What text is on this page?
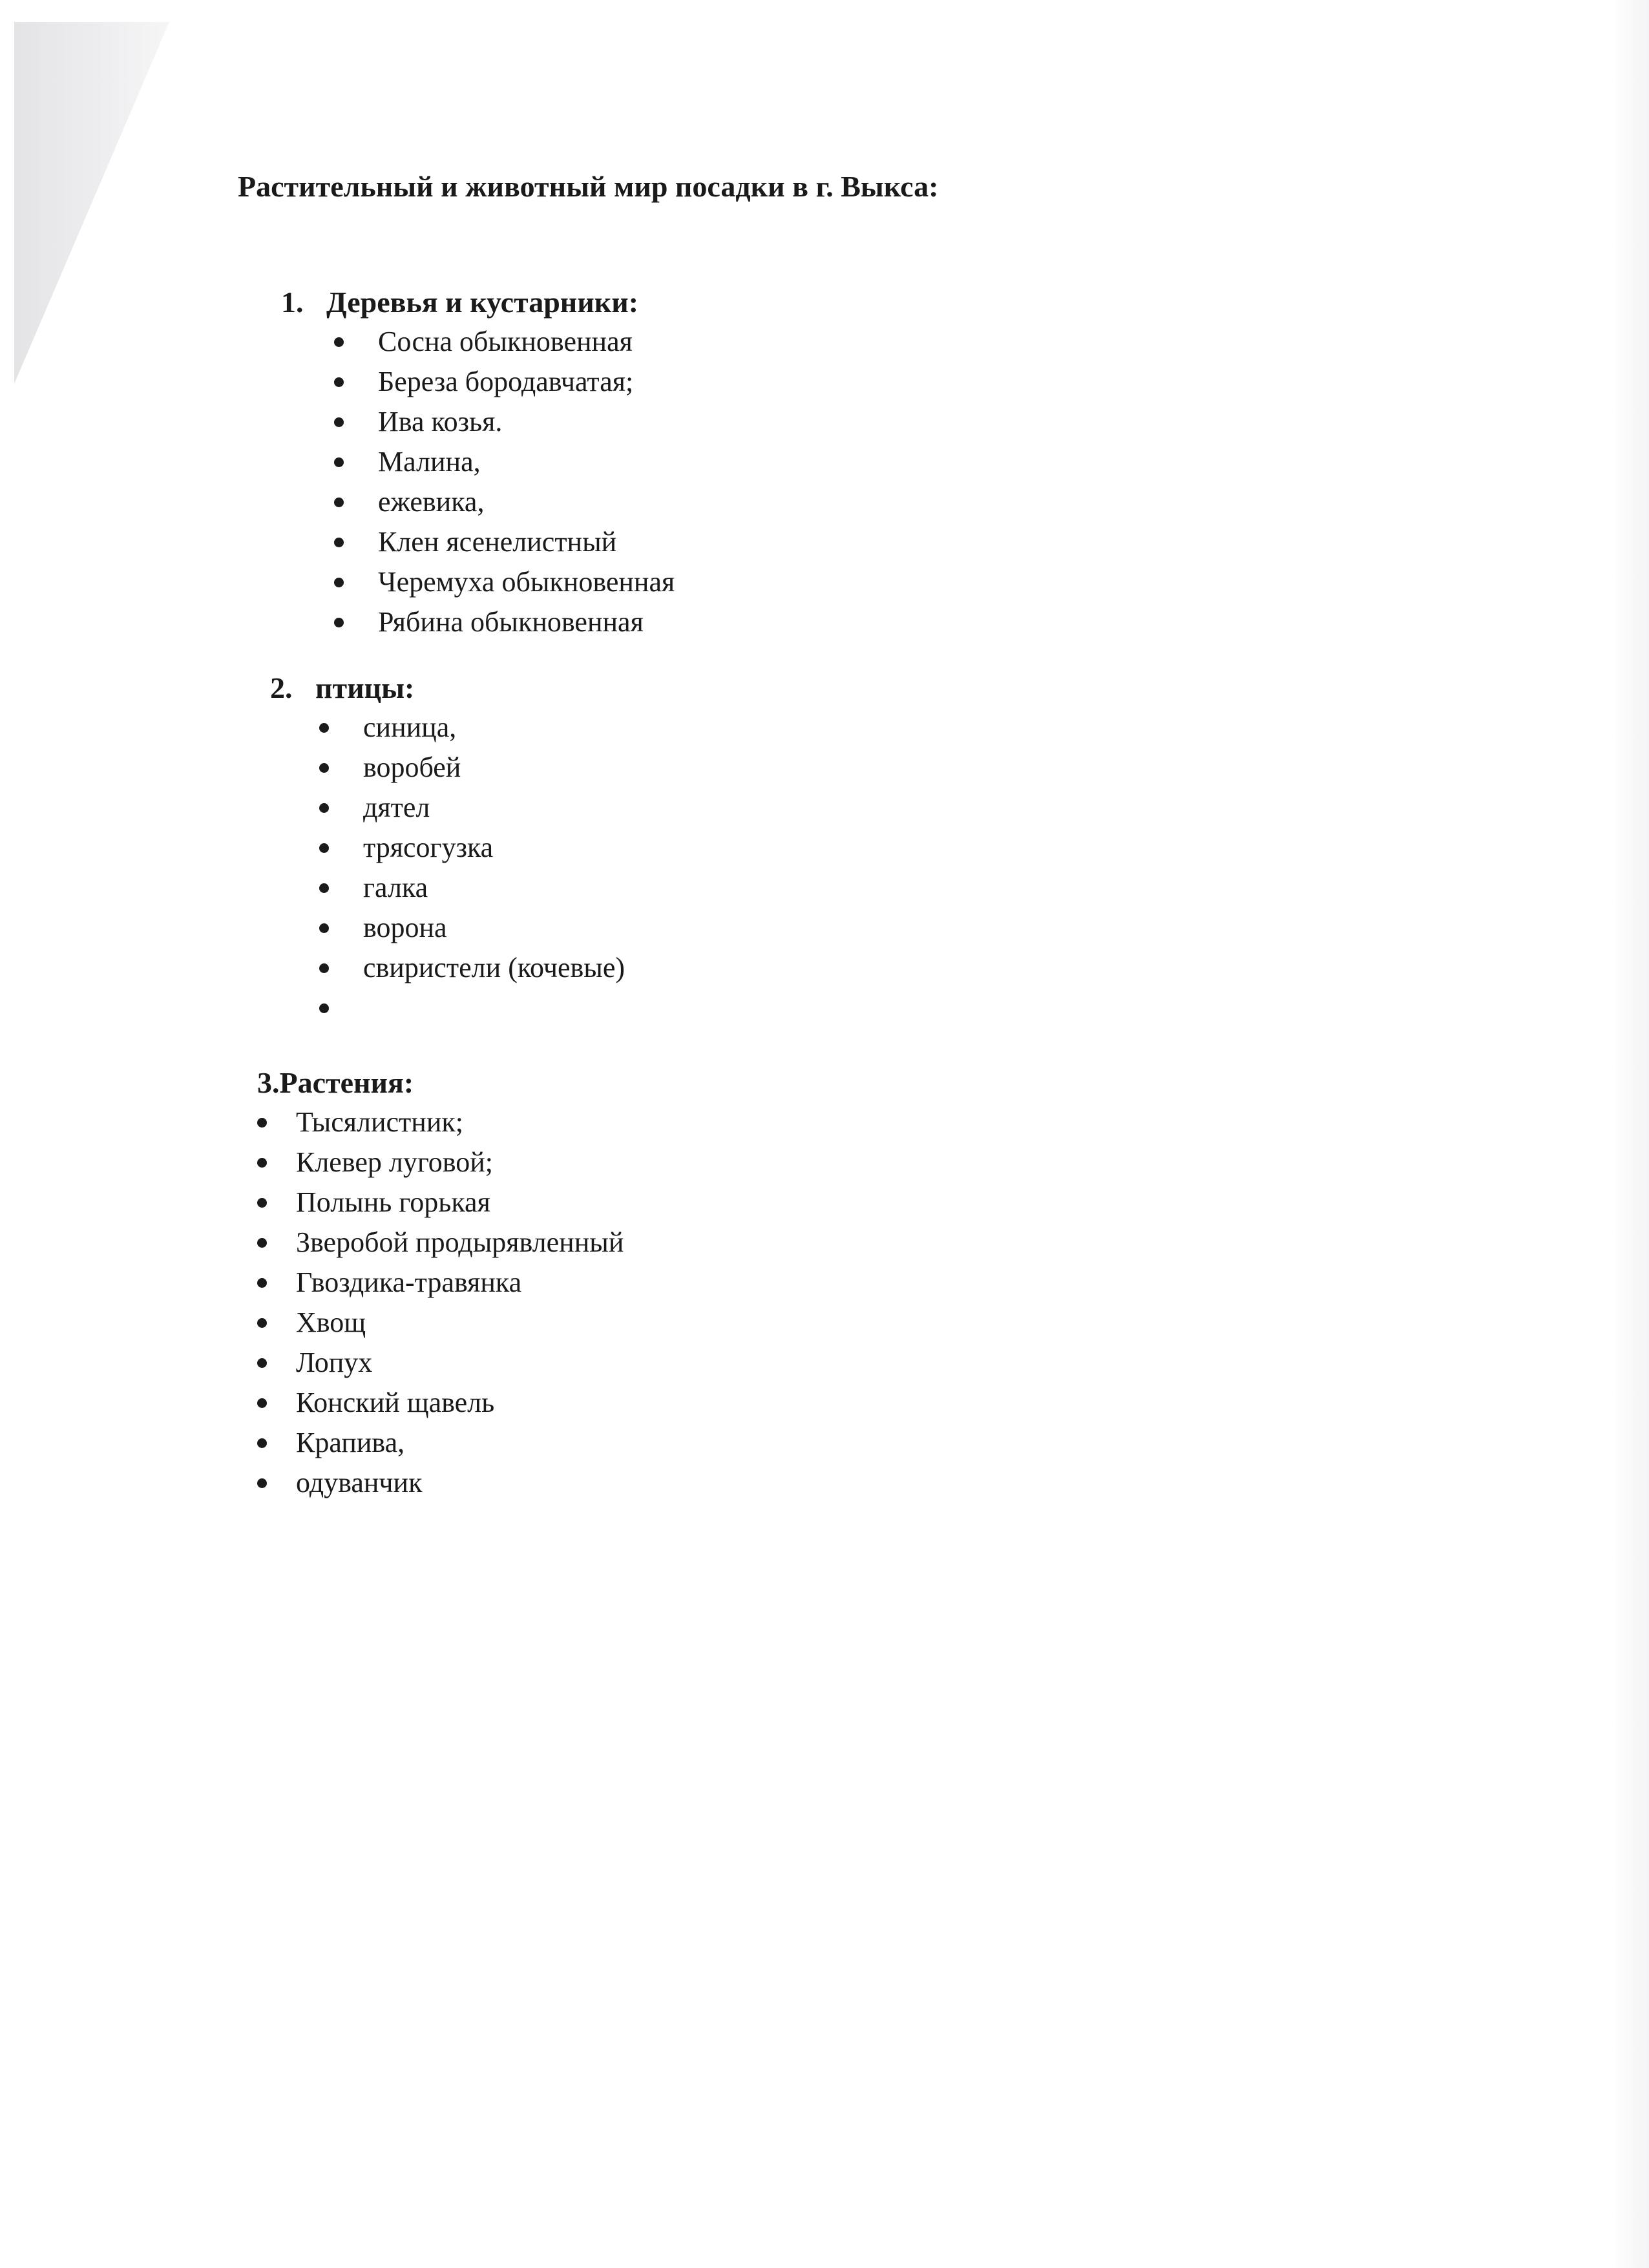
Растительный и животный мир посадки в г. Выкса:

1. Деревья и кустарники:

Сосна обыкновенная
Береза бородавчатая;
Ива козья.
Малина,
ежевика,
Клен ясенелистный
Черемуха обыкновенная
Рябина обыкновенная

2. птицы:

синица,
воробей
дятел
трясогузка
галка
ворона
свиристели (кочевые)

3.Растения:

Тысялистник;
Клевер луговой;
Полынь горькая
Зверобой продырявленный
Гвоздика-травянка
Хвощ
Лопух
Конский щавель
Крапива,
одуванчик
